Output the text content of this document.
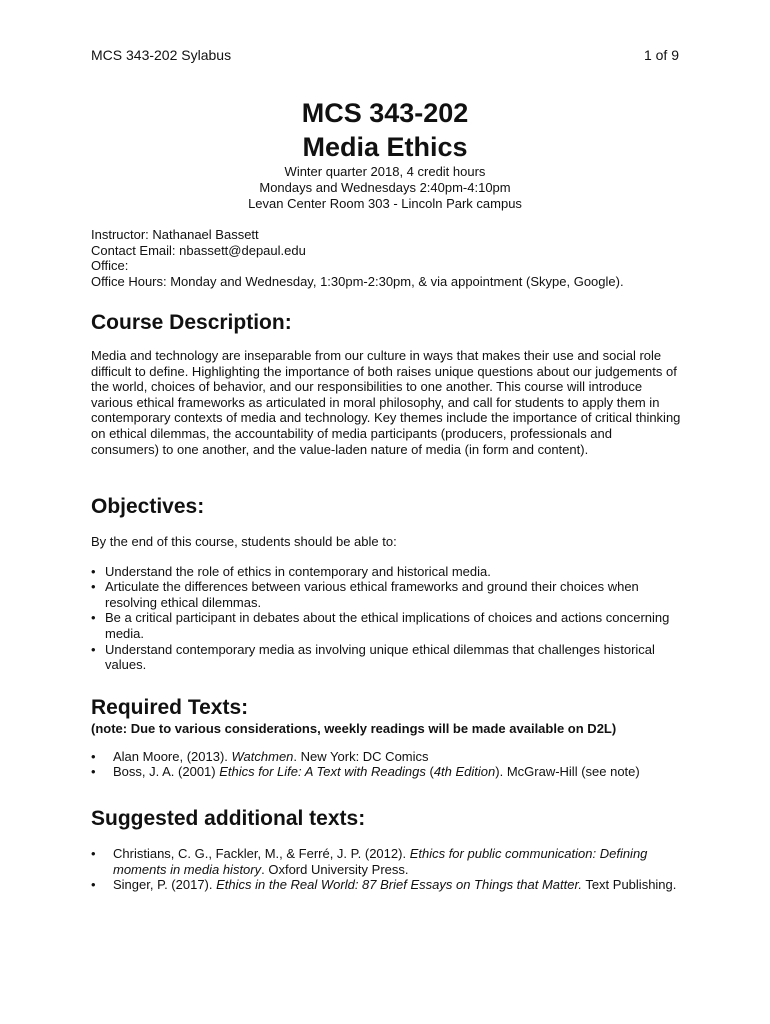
MCS 343-202 Sylabus	1 of 9
MCS 343-202
Media Ethics
Winter quarter 2018, 4 credit hours
Mondays and Wednesdays 2:40pm-4:10pm
Levan Center Room 303 - Lincoln Park campus
Instructor: Nathanael Bassett
Contact Email: nbassett@depaul.edu
Office:
Office Hours: Monday and Wednesday, 1:30pm-2:30pm, & via appointment (Skype, Google).
Course Description:

Media and technology are inseparable from our culture in ways that makes their use and social role difficult to define. Highlighting the importance of both raises unique questions about our judgements of the world, choices of behavior, and our responsibilities to one another. This course will introduce various ethical frameworks as articulated in moral philosophy, and call for students to apply them in contemporary contexts of media and technology. Key themes include the importance of critical thinking on ethical dilemmas, the accountability of media participants (producers, professionals and consumers) to one another, and the value-laden nature of media (in form and content).

Objectives:

By the end of this course, students should be able to:

• Understand the role of ethics in contemporary and historical media.
• Articulate the differences between various ethical frameworks and ground their choices when resolving ethical dilemmas.
• Be a critical participant in debates about the ethical implications of choices and actions concerning media.
• Understand contemporary media as involving unique ethical dilemmas that challenges historical values.
Required Texts:
(note: Due to various considerations, weekly readings will be made available on D2L)
• Alan Moore, (2013). Watchmen. New York: DC Comics
• Boss, J. A. (2001) Ethics for Life: A Text with Readings (4th Edition). McGraw-Hill (see note)
Suggested additional texts:
• Christians, C. G., Fackler, M., & Ferré, J. P. (2012). Ethics for public communication: Defining moments in media history. Oxford University Press.
• Singer, P. (2017). Ethics in the Real World: 87 Brief Essays on Things that Matter. Text Publishing.
